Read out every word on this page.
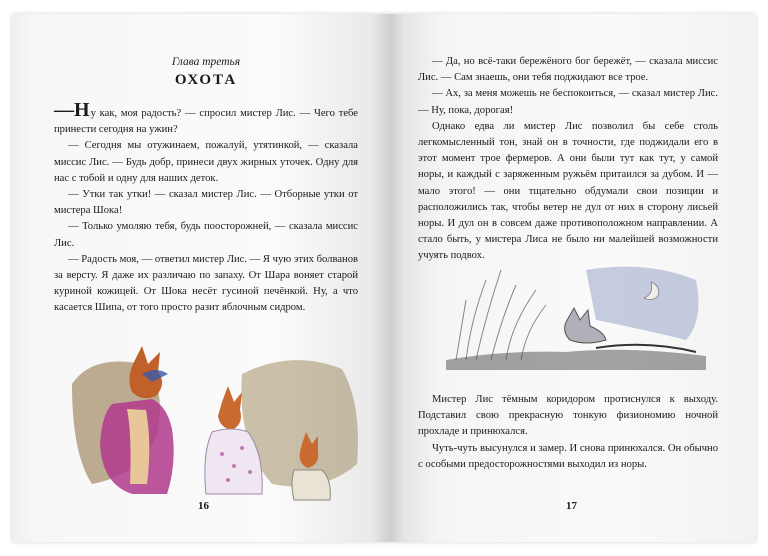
Глава третья
ОХОТА

—Ну как, моя радость? — спросил мистер Лис. — Чего тебе принести сегодня на ужин?

— Сегодня мы отужинаем, пожалуй, утятинкой, — сказала миссис Лис. — Будь добр, принеси двух жирных уточек. Одну для нас с тобой и одну для наших деток.

— Утки так утки! — сказал мистер Лис. — Отборные утки от мистера Шока!

— Только умоляю тебя, будь поосторожней, — сказала миссис Лис.

— Радость моя, — ответил мистер Лис. — Я чую этих болванов за версту. Я даже их различаю по запаху. От Шара воняет старой куриной кожицей. От Шока несёт гусиной печёнкой. Ну, а что касается Шипа, от того просто разит яблочным сидром.

16

— Да, но всё-таки бережёного бог бережёт, — сказала миссис Лис. — Сам знаешь, они тебя поджидают все трое.

— Ах, за меня можешь не беспокоиться, — сказал мистер Лис. — Ну, пока, дорогая!

Однако едва ли мистер Лис позволил бы себе столь легкомысленный тон, знай он в точности, где поджидали его в этот момент трое фермеров. А они были тут как тут, у самой норы, и каждый с заряженным ружьём притаился за дубом. И — мало этого! — они тщательно обдумали свои позиции и расположились так, чтобы ветер не дул от них в сторону лисьей норы. И дул он в совсем даже противоположном направлении. А стало быть, у мистера Лиса не было ни малейшей возможности учуять подвох.

Мистер Лис тёмным коридором протиснулся к выходу. Подставил свою прекрасную тонкую физиономию ночной прохладе и принюхался.

Чуть-чуть высунулся и замер. И снова принюхался. Он обычно с особыми предосторожностями выходил из норы.

17
